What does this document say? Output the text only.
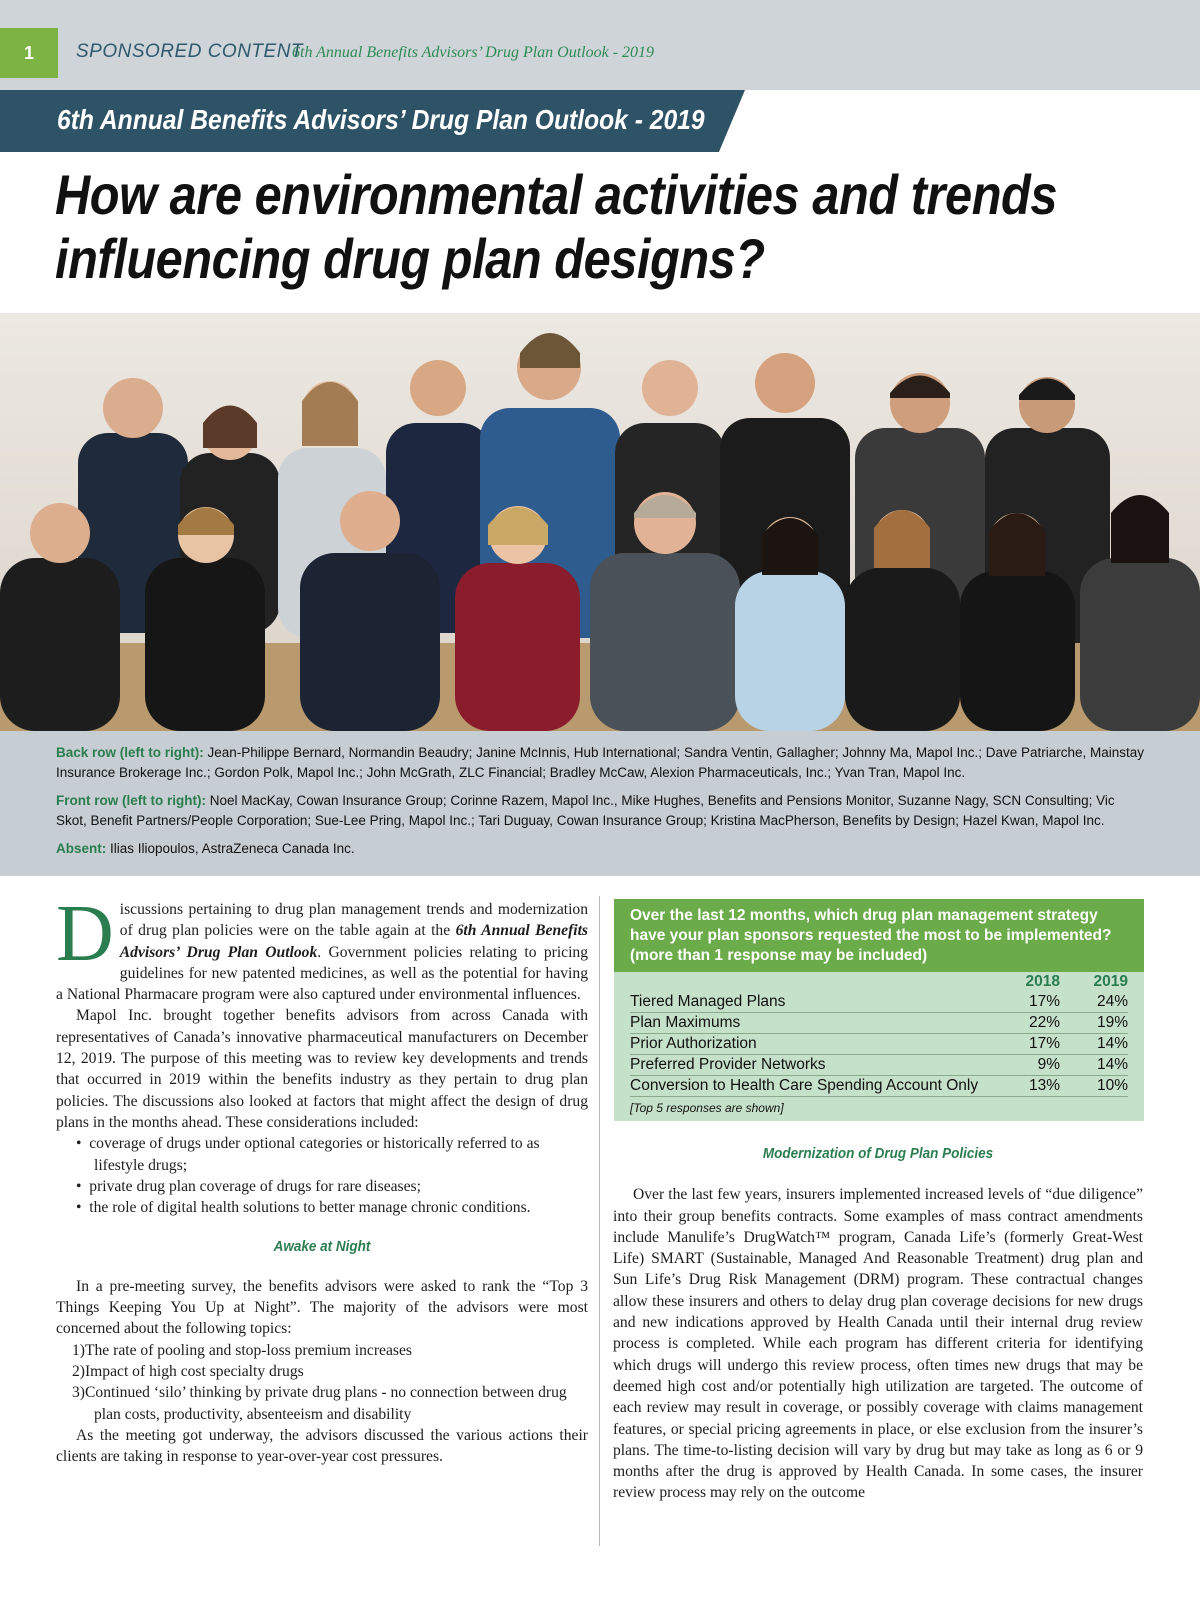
1	SPONSORED CONTENT
6th Annual Benefits Advisors’ Drug Plan Outlook - 2019
6th Annual Benefits Advisors’ Drug Plan Outlook - 2019
How are environmental activities and trends
influencing drug plan designs?
Back row (left to right): Jean-Philippe Bernard, Normandin Beaudry; Janine McInnis, Hub International; Sandra Ventin, Gallagher; Johnny Ma, Mapol Inc.; Dave Patriarche, Mainstay Insurance Brokerage Inc.; Gordon Polk, Mapol Inc.; John McGrath, ZLC Financial; Bradley McCaw, Alexion Pharmaceuticals, Inc.; Yvan Tran, Mapol Inc.
Front row (left to right): Noel MacKay, Cowan Insurance Group; Corinne Razem, Mapol Inc., Mike Hughes, Benefits and Pensions Monitor, Suzanne Nagy, SCN Consulting; Vic Skot, Benefit Partners/People Corporation; Sue-Lee Pring, Mapol Inc.; Tari Duguay, Cowan Insurance Group; Kristina MacPherson, Benefits by Design; Hazel Kwan, Mapol Inc.
Absent: Ilias Iliopoulos, AstraZeneca Canada Inc.

Discussions pertaining to drug plan management trends and modernization of drug plan policies were on the table again at the 6th Annual Benefits Advisors’ Drug Plan Outlook. Government policies relating to pricing guidelines for new patented medicines, as well as the potential for having a National Pharmacare program were also captured under environmental influences.

Mapol Inc. brought together benefits advisors from across Canada with representatives of Canada’s innovative pharmaceutical manufacturers on December 12, 2019. The purpose of this meeting was to review key developments and trends that occurred in 2019 within the benefits industry as they pertain to drug plan policies. The discussions also looked at factors that might affect the design of drug plans in the months ahead. These considerations included:

•  coverage of drugs under optional categories or historically referred to as lifestyle drugs;

•  private drug plan coverage of drugs for rare diseases;

•  the role of digital health solutions to better manage chronic conditions.

Awake at Night

In a pre-meeting survey, the benefits advisors were asked to rank the “Top 3 Things Keeping You Up at Night”. The majority of the advisors were most concerned about the following topics:

1)The rate of pooling and stop-loss premium increases

2)Impact of high cost specialty drugs

3)Continued ‘silo’ thinking by private drug plans - no connection between drug plan costs, productivity, absenteeism and disability

As the meeting got underway, the advisors discussed the various actions their clients are taking in response to year-over-year cost pressures.

Over the last 12 months, which drug plan management strategy have your plan sponsors requested the most to be implemented? (more than 1 response may be included)
2018	2019
Tiered Managed Plans	17%	24%
Plan Maximums	22%	19%
Prior Authorization	17%	14%
Preferred Provider Networks	9%	14%
Conversion to Health Care Spending Account Only	13%	10%
[Top 5 responses are shown]

Modernization of Drug Plan Policies

Over the last few years, insurers implemented increased levels of “due diligence” into their group benefits contracts. Some examples of mass contract amendments include Manulife’s DrugWatch™ program, Canada Life’s (formerly Great-West Life) SMART (Sustainable, Managed And Reasonable Treatment) drug plan and Sun Life’s Drug Risk Management (DRM) program. These contractual changes allow these insurers and others to delay drug plan coverage decisions for new drugs and new indications approved by Health Canada until their internal drug review process is completed. While each program has different criteria for identifying which drugs will undergo this review process, often times new drugs that may be deemed high cost and/or potentially high utilization are targeted. The outcome of each review may result in coverage, or possibly coverage with claims management features, or special pricing agreements in place, or else exclusion from the insurer’s plans. The time-to-listing decision will vary by drug but may take as long as 6 or 9 months after the drug is approved by Health Canada. In some cases, the insurer review process may rely on the outcome
